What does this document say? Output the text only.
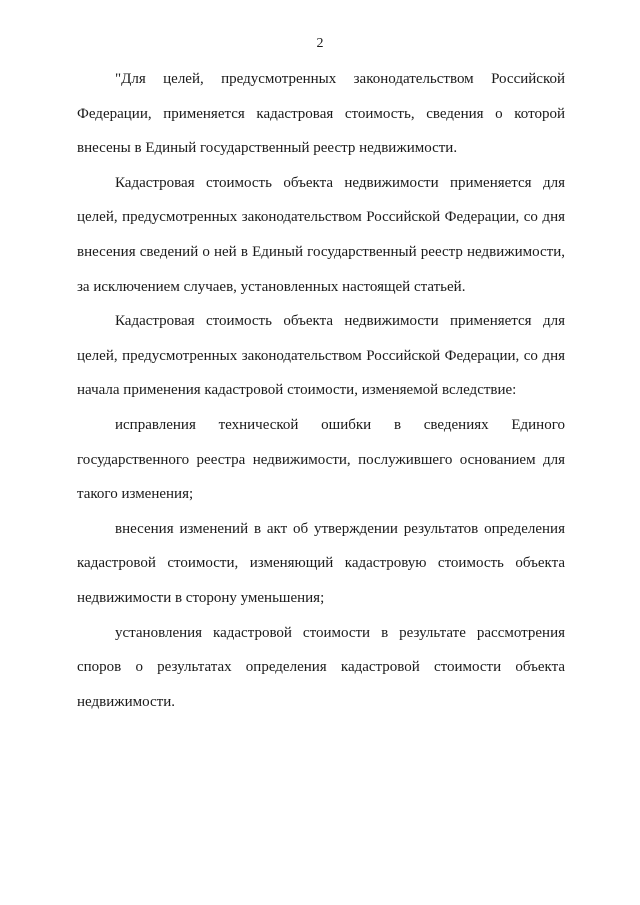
2

"Для целей, предусмотренных законодательством Российской Федерации, применяется кадастровая стоимость, сведения о которой внесены в Единый государственный реестр недвижимости.

Кадастровая стоимость объекта недвижимости применяется для целей, предусмотренных законодательством Российской Федерации, со дня внесения сведений о ней в Единый государственный реестр недвижимости, за исключением случаев, установленных настоящей статьей.

Кадастровая стоимость объекта недвижимости применяется для целей, предусмотренных законодательством Российской Федерации, со дня начала применения кадастровой стоимости, изменяемой вследствие:

исправления технической ошибки в сведениях Единого государственного реестра недвижимости, послужившего основанием для такого изменения;

внесения изменений в акт об утверждении результатов определения кадастровой стоимости, изменяющий кадастровую стоимость объекта недвижимости в сторону уменьшения;

установления кадастровой стоимости в результате рассмотрения споров о результатах определения кадастровой стоимости объекта недвижимости.
